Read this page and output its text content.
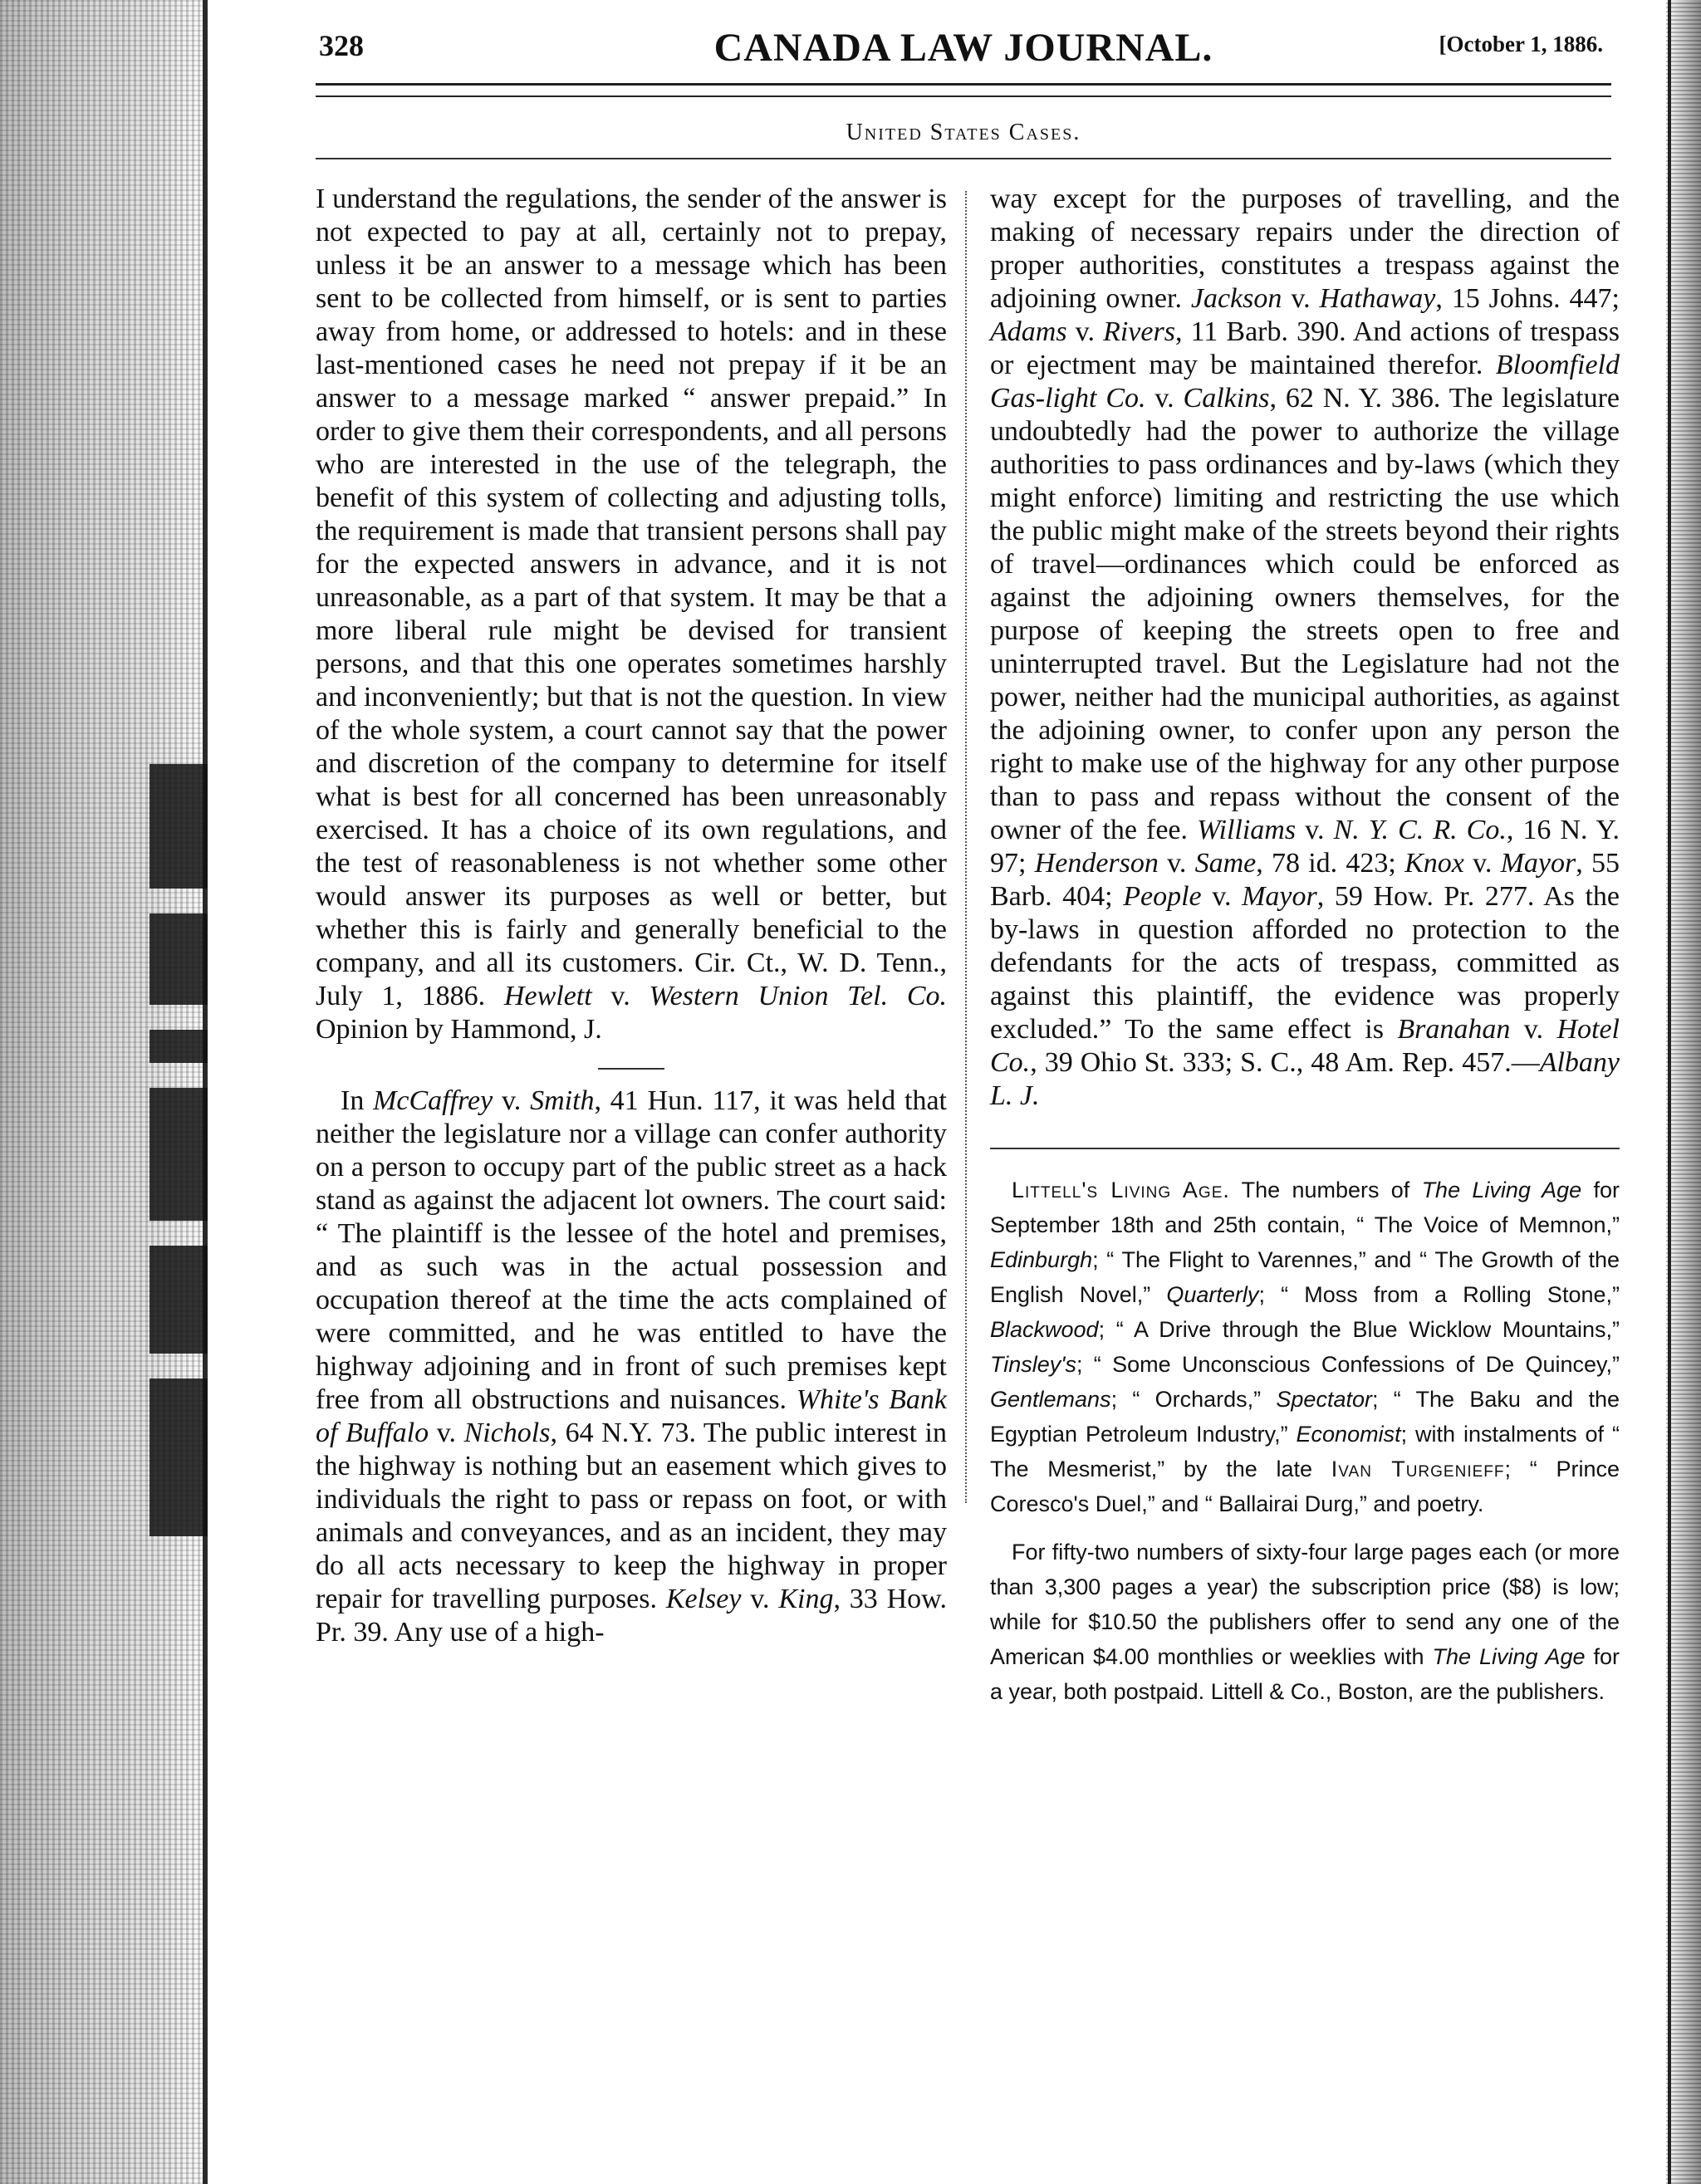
328	CANADA LAW JOURNAL.	[October 1, 1886.
United States Cases.

I understand the regulations, the sender of the answer is not expected to pay at all, certainly not to prepay, unless it be an answer to a message which has been sent to be collected from himself, or is sent to parties away from home, or addressed to hotels: and in these last-mentioned cases he need not prepay if it be an answer to a message marked “ answer prepaid.” In order to give them their correspondents, and all persons who are interested in the use of the telegraph, the benefit of this system of collecting and adjusting tolls, the requirement is made that transient persons shall pay for the expected answers in advance, and it is not unreasonable, as a part of that system. It may be that a more liberal rule might be devised for transient persons, and that this one operates sometimes harshly and inconveniently; but that is not the question. In view of the whole system, a court cannot say that the power and discretion of the company to determine for itself what is best for all concerned has been unreasonably exercised. It has a choice of its own regulations, and the test of reasonableness is not whether some other would answer its purposes as well or better, but whether this is fairly and generally beneficial to the company, and all its customers. Cir. Ct., W. D. Tenn., July 1, 1886. Hewlett v. Western Union Tel. Co. Opinion by Hammond, J.

In McCaffrey v. Smith, 41 Hun. 117, it was held that neither the legislature nor a village can confer authority on a person to occupy part of the public street as a hack stand as against the adjacent lot owners. The court said: “ The plaintiff is the lessee of the hotel and premises, and as such was in the actual possession and occupation thereof at the time the acts complained of were committed, and he was entitled to have the highway adjoining and in front of such premises kept free from all obstructions and nuisances. White's Bank of Buffalo v. Nichols, 64 N.Y. 73. The public interest in the highway is nothing but an easement which gives to individuals the right to pass or repass on foot, or with animals and conveyances, and as an incident, they may do all acts necessary to keep the highway in proper repair for travelling purposes. Kelsey v. King, 33 How. Pr. 39. Any use of a high-

way except for the purposes of travelling, and the making of necessary repairs under the direction of proper authorities, constitutes a trespass against the adjoining owner. Jackson v. Hathaway, 15 Johns. 447; Adams v. Rivers, 11 Barb. 390. And actions of trespass or ejectment may be maintained therefor. Bloomfield Gas-light Co. v. Calkins, 62 N. Y. 386. The legislature undoubtedly had the power to authorize the village authorities to pass ordinances and by-laws (which they might enforce) limiting and restricting the use which the public might make of the streets beyond their rights of travel—ordinances which could be enforced as against the adjoining owners themselves, for the purpose of keeping the streets open to free and uninterrupted travel. But the Legislature had not the power, neither had the municipal authorities, as against the adjoining owner, to confer upon any person the right to make use of the highway for any other purpose than to pass and repass without the consent of the owner of the fee. Williams v. N. Y. C. R. Co., 16 N. Y. 97; Henderson v. Same, 78 id. 423; Knox v. Mayor, 55 Barb. 404; People v. Mayor, 59 How. Pr. 277. As the by-laws in question afforded no protection to the defendants for the acts of trespass, committed as against this plaintiff, the evidence was properly excluded.” To the same effect is Branahan v. Hotel Co., 39 Ohio St. 333; S. C., 48 Am. Rep. 457.—Albany L. J.

Littell's Living Age. The numbers of The Living Age for September 18th and 25th contain, “ The Voice of Memnon,” Edinburgh; “ The Flight to Varennes,” and “ The Growth of the English Novel,” Quarterly; “ Moss from a Rolling Stone,” Blackwood; “ A Drive through the Blue Wicklow Mountains,” Tinsley's; “ Some Unconscious Confessions of De Quincey,” Gentlemans; “ Orchards,” Spectator; “ The Baku and the Egyptian Petroleum Industry,” Economist; with instalments of “ The Mesmerist,” by the late Ivan Turgenieff; “ Prince Coresco's Duel,” and “ Ballairai Durg,” and poetry.

For fifty-two numbers of sixty-four large pages each (or more than 3,300 pages a year) the subscription price ($8) is low; while for $10.50 the publishers offer to send any one of the American $4.00 monthlies or weeklies with The Living Age for a year, both postpaid. Littell & Co., Boston, are the publishers.
